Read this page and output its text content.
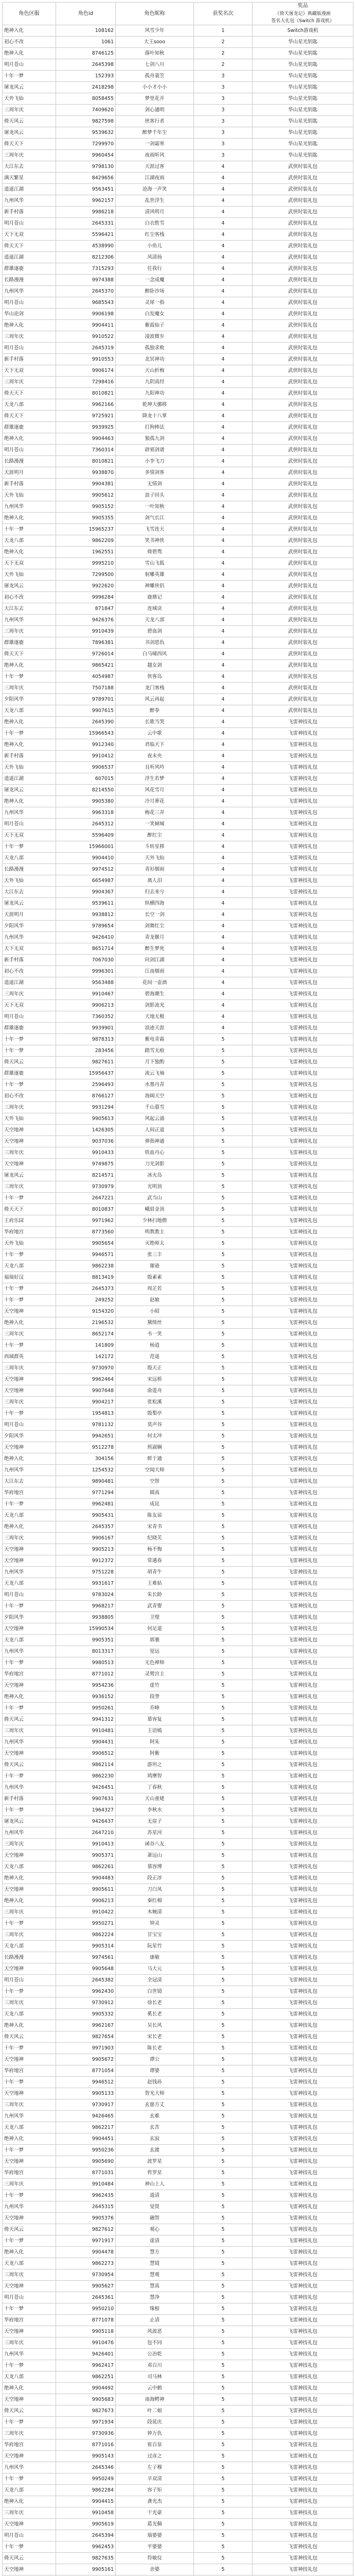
角色区服	角色id	角色昵称	获奖名次	奖品
《倚天屠龙记》典藏版漫画
签名大礼包（Switch 游戏机）

绝神入化	108162	风雪少年	1	Switch游戏机
初心不改	1061	大王sooo	2	华山星光钥匙
绝神入化	8746125	落叶知秋	2	华山星光钥匙
明月苍山	2645398	七剑八川	2	华山星光钥匙
十年一梦	152393	孤舟蓑笠	3	华山星光钥匙
屠龙风云	2418298	小小才小小	3	华山星光钥匙
天外飞仙	8058455	梦里花开	3	华山星光钥匙
三周年庆	7409620	剑心通明	3	华山星光钥匙
倚天风云	9827598	侠客行者	3	华山星光钥匙
屠龙风云	9539632	醉梦千年尘	3	华山星光钥匙
倚天天下	7299970	一剑霜寒	3	华山星光钥匙
三周年庆	9960454	夜雨听风	3	华山星光钥匙
大江东去	9798130	天涯过客	4	武侠时装礼包
满天繁星	8429656	江湖夜雨	4	武侠时装礼包
逍遥江湖	9563451	沧海一声笑	4	武侠时装礼包
九州风华	9962157	乱世浮生	4	武侠时装礼包
新手村落	9986218	清风明月	4	武侠时装礼包
明月苍山	2645331	白衣胜雪	4	武侠时装礼包
天下无双	5596421	红尘客栈	4	武侠时装礼包
倚天天下	4538990	小鱼儿	4	武侠时装礼包
逍遥江湖	8212306	风清扬	4	武侠时装礼包
群雄逐鹿	7315293	任我行	4	武侠时装礼包
长路漫漫	9974388	一念成魔	4	武侠时装礼包
九州风华	2645370	醉卧沙场	4	武侠时装礼包
明月苍山	9685543	灵犀一指	4	武侠时装礼包
华山论剑	9906198	白发魔女	4	武侠时装礼包
绝神入化	9904411	紫霞仙子	4	武侠时装礼包
三周年庆	9910522	凌波微步	4	武侠时装礼包
明月苍山	2645319	孤独求败	4	武侠时装礼包
新手村落	9910553	北冥神功	4	武侠时装礼包
天下无双	9906174	天山折梅	4	武侠时装礼包
三周年庆	7298416	九阴真经	4	武侠时装礼包
倚天天下	8010821	九阳神功	4	武侠时装礼包
天龙八部	9962166	乾坤大挪移	4	武侠时装礼包
倚天天下	9725921	降龙十八掌	4	武侠时装礼包
群雄逐鹿	9939925	打狗棒法	4	武侠时装礼包
绝神入化	9904463	独孤九剑	4	武侠时装礼包
明月苍山	7360314	辟邪剑谱	4	武侠时装礼包
长路漫漫	8010821	小李飞刀	4	武侠时装礼包
天涯明月	9938870	多情剑客	4	武侠时装礼包
新手村落	9904381	无情剑	4	武侠时装礼包
天外飞仙	9905612	浪子回头	4	武侠时装礼包
九州风华	9905152	一叶知秋	4	武侠时装礼包
绝神入化	9905355	剑气长江	4	武侠时装礼包
十年一梦	15965237	飞雪连天	4	武侠时装礼包
天龙八部	9862209	笑书神侠	4	武侠时装礼包
绝神入化	1962551	倚碧鸳	4	武侠时装礼包
天下无双	9995210	雪山飞狐	4	武侠时装礼包
天外飞仙	7299500	射雕英雄	4	武侠时装礼包
屠龙风云	9922620	神雕侠侣	4	武侠时装礼包
初心不改	9996284	鹿鼎记	4	武侠时装礼包
大江东去	871847	连城诀	4	武侠时装礼包
九州风华	9426376	天龙八部	4	武侠时装礼包
三周年庆	9910439	碧血剑	4	武侠时装礼包
群雄逐鹿	7896381	书剑恩仇	4	武侠时装礼包
倚天天下	9726014	白马啸西风	4	武侠时装礼包
绝神入化	9865421	越女剑	4	武侠时装礼包
十年一梦	4054987	侠客岛	4	武侠时装礼包
三周年庆	7507188	龙门客栈	4	武侠时装礼包
夕阳风华	9789701	风云再起	4	武侠时装礼包
天龙八部	9907615	醉拳	4	武侠时装礼包
绝神入化	2645390	长歌当哭	4	飞雷神技礼包
十年一梦	15966543	云中歌	4	飞雷神技礼包
绝神入化	9912340	君临天下	4	飞雷神技礼包
新手村落	9910412	夜未央	4	飞雷神技礼包
天外飞仙	9906537	且听风吟	4	飞雷神技礼包
逍遥江湖	607015	浮生若梦	4	飞雷神技礼包
屠龙风云	8214550	风花雪月	4	飞雷神技礼包
绝神入化	9905380	冷月葬花	4	飞雷神技礼包
九州风华	9963318	梅花三弄	4	飞雷神技礼包
明月苍山	2645312	一笑倾城	4	飞雷神技礼包
天下无双	5596409	醉红尘	4	飞雷神技礼包
十年一梦	15966001	斗转星移	4	飞雷神技礼包
天龙八部	9904410	天外飞仙	4	飞雷神技礼包
长路漫漫	9974512	青衫烟雨	4	飞雷神技礼包
天外飞仙	6654987	离人泪	4	飞雷神技礼包
大江东去	9904367	归去来兮	4	飞雷神技礼包
屠龙风云	9539611	纵横四海	4	飞雷神技礼包
天涯明月	9938812	长空一剑	4	飞雷神技礼包
夕阳风华	9789654	剑舞红尘	4	飞雷神技礼包
九州风华	9426410	青龙偃月	4	飞雷神技礼包
天下无双	8651714	醉生梦死	4	飞雷神技礼包
新手村落	7067030	问剑江湖	4	飞雷神技礼包
初心不改	9996301	江南烟雨	4	飞雷神技礼包
逍遥江湖	9563488	花间一壶酒	4	飞雷神技礼包
三周年庆	9910467	碧海潮生	4	飞雷神技礼包
天下无双	9906213	剑影流光	4	飞雷神技礼包
明月苍山	7360352	天地无极	4	飞雷神技礼包
群雄逐鹿	9939901	浪迹天涯	4	飞雷神技礼包
十年一梦	9878313	紫电青霜	5	飞雷神技礼包
十年一梦	283456	踏雪无痕	5	飞雷神技礼包
倚天风云	9827611	月下独酌	5	飞雷神技礼包
群雄逐鹿	15956437	流云飞袖	5	飞雷神技礼包
十年一梦	2596493	水墨丹青	5	飞雷神技礼包
初心不改	8766127	海阔天空	5	飞雷神技礼包
三周年庆	9931294	千山暮雪	5	飞雷神技礼包
天外飞仙	9905613	风起云涌	5	飞雷神技礼包
天空地神	1426305	人间正道	5	飞雷神技礼包
天空地神	9037036	弹指神通	5	飞雷神技礼包
三周年庆	9910433	铁血丹心	5	飞雷神技礼包
天空地神	9749875	刀光剑影	5	飞雷神技礼包
屠龙风云	8214571	冰火岛	5	飞雷神技礼包
三周年庆	9730979	光明顶	5	飞雷神技礼包
十年一梦	2647221	武当山	5	飞雷神技礼包
倚天天下	8010837	峨眉金顶	5	飞雷神技礼包
王府乐园	9971962	少林扫地僧	5	飞雷神技礼包
华府地宫	8773560	明教教主	5	飞雷神技礼包
天外飞仙	9905654	灭绝师太	5	飞雷神技礼包
十年一梦	9946571	张三丰	5	飞雷神技礼包
天龙八部	9862238	谢逊	5	飞雷神技礼包
福瑞好汉	8813419	殷素素	5	飞雷神技礼包
十年一梦	2645373	周芷若	5	飞雷神技礼包
十年一梦	249252	赵敏	5	飞雷神技礼包
天空地神	9154320	小昭	5	飞雷神技礼包
绝神入化	2196532	黛绮丝	5	飞雷神技礼包
三周年庆	8652174	韦一笑	5	飞雷神技礼包
十年一梦	141809	杨逍	5	飞雷神技礼包
西域群英	142172	范遥	5	飞雷神技礼包
三周年庆	9730970	殷天正	5	飞雷神技礼包
天空地神	9962464	宋远桥	5	飞雷神技礼包
天空地神	9907648	俞莲舟	5	飞雷神技礼包
三周年庆	9904217	张松溪	5	飞雷神技礼包
十年一梦	1954813	殷梨亭	5	飞雷神技礼包
明月苍山	9781132	莫声谷	5	飞雷神技礼包
夕阳风华	9942651	何太冲	5	飞雷神技礼包
天空地神	9512278	班淑娴	5	飞雷神技礼包
绝神入化	304156	鲜于通	5	飞雷神技礼包
九州风华	1254532	空闻大师	5	飞雷神技礼包
大江东去	9890481	空智	5	飞雷神技礼包
华府地宫	9771294	圆真	5	飞雷神技礼包
十年一梦	9962481	成昆	5	飞雷神技礼包
天龙八部	9905431	陈友谅	5	飞雷神技礼包
绝神入化	2645357	宋青书	5	飞雷神技礼包
三周年庆	9906167	纪晓芙	5	飞雷神技礼包
天空地神	9905213	杨不悔	5	飞雷神技礼包
天空地神	9912372	常遇春	5	飞雷神技礼包
九州风华	9751228	胡青牛	5	飞雷神技礼包
天龙八部	9931617	王难姑	5	飞雷神技礼包
明月苍山	9783024	朱长龄	5	飞雷神技礼包
十年一梦	9968217	武青婴	5	飞雷神技礼包
夕阳风华	9938805	卫璧	5	飞雷神技礼包
天空地神	15990534	何足道	5	飞雷神技礼包
天龙八部	9905351	郭襄	5	飞雷神技礼包
九州风华	8013317	觉远	5	飞雷神技礼包
十年一梦	9980513	无色禅师	5	飞雷神技礼包
华府地宫	8771012	灵鹫宫主	5	飞雷神技礼包
天空地神	9954236	虚竹	5	飞雷神技礼包
绝神入化	9936152	段誉	5	飞雷神技礼包
十年一梦	9950261	乔峰	5	飞雷神技礼包
倚天风云	9941312	慕容复	5	飞雷神技礼包
三周年庆	9910481	王语嫣	5	飞雷神技礼包
九州风华	9904431	阿朱	5	飞雷神技礼包
天空地神	9906512	阿紫	5	飞雷神技礼包
倚天风云	9862114	游坦之	5	飞雷神技礼包
十年一梦	9862230	鸠摩智	5	飞雷神技礼包
九州风华	9426451	丁春秋	5	飞雷神技礼包
新手村落	9907631	天山童姥	5	飞雷神技礼包
十年一梦	1964327	李秋水	5	飞雷神技礼包
屠龙风云	9426437	无崖子	5	飞雷神技礼包
九州风华	2647210	苏星河	5	飞雷神技礼包
三周年庆	9910413	函谷八友	5	飞雷神技礼包
天空地神	9905371	萧远山	5	飞雷神技礼包
天龙八部	9862261	慕容博	5	飞雷神技礼包
绝神入化	9904483	段正淳	5	飞雷神技礼包
天空地神	9905611	刀白凤	5	飞雷神技礼包
绝神入化	9906213	秦红棉	5	飞雷神技礼包
三周年庆	9910422	木婉清	5	飞雷神技礼包
十年一梦	9950271	钟灵	5	飞雷神技礼包
三周年庆	9862224	甘宝宝	5	飞雷神技礼包
天龙八部	9905314	阮星竹	5	飞雷神技礼包
长路漫漫	9974561	康敏	5	飞雷神技礼包
天空地神	9905648	马大元	5	飞雷神技礼包
明月苍山	2645382	全冠清	5	飞雷神技礼包
十年一梦	9962430	白世镜	5	飞雷神技礼包
三周年庆	9730912	徐长老	5	飞雷神技礼包
天龙八部	9905332	奚长老	5	飞雷神技礼包
绝神入化	9962167	吴长风	5	飞雷神技礼包
倚天风云	9827654	宋长老	5	飞雷神技礼包
十年一梦	9971903	陈长老	5	飞雷神技礼包
天空地神	9905672	谭公	5	飞雷神技礼包
华府地宫	8771054	谭婆	5	飞雷神技礼包
十年一梦	9946512	赵钱孙	5	飞雷神技礼包
天空地神	9905133	智光大师	5	飞雷神技礼包
三周年庆	9730917	玄慈方丈	5	飞雷神技礼包
九州风华	9426465	玄难	5	飞雷神技礼包
天龙八部	9862217	玄苦	5	飞雷神技礼包
绝神入化	9904451	玄寂	5	飞雷神技礼包
十年一梦	9950236	玄渡	5	飞雷神技礼包
天空地神	9905690	波罗星	5	飞雷神技礼包
华府地宫	8771031	哲罗星	5	飞雷神技礼包
三周年庆	9910484	神山上人	5	飞雷神技礼包
十年一梦	9962435	道清	5	飞雷神技礼包
九州风华	2645315	觉贤	5	飞雷神技礼包
天空地神	9905376	融智	5	飞雷神技礼包
倚天风云	9827612	观心	5	飞雷神技礼包
十年一梦	9971917	虚清	5	飞雷神技礼包
绝神入化	9904478	慧方	5	飞雷神技礼包
天龙八部	9862273	慧镜	5	飞雷神技礼包
三周年庆	9730954	慧观	5	飞雷神技礼包
天空地神	9905627	慧真	5	飞雷神技礼包
明月苍山	2645361	慧净	5	飞雷神技礼包
十年一梦	9950210	缘根	5	飞雷神技礼包
华府地宫	8771078	止清	5	飞雷神技礼包
天空地神	9905118	风波恶	5	飞雷神技礼包
三周年庆	9910476	包不同	5	飞雷神技礼包
九州风华	9426401	公冶乾	5	飞雷神技礼包
十年一梦	9962417	邓百川	5	飞雷神技礼包
天龙八部	9862251	司马林	5	飞雷神技礼包
绝神入化	9904492	云中鹤	5	飞雷神技礼包
天空地神	9905683	南海鳄神	5	飞雷神技礼包
倚天风云	9827673	叶二娘	5	飞雷神技礼包
十年一梦	9971934	段延庆	5	飞雷神技礼包
三周年庆	9730936	钟万仇	5	飞雷神技礼包
华府地宫	8771016	崔百泉	5	飞雷神技礼包
天空地神	9905143	过彦之	5	飞雷神技礼包
九州风华	2645346	左子穆	5	飞雷神技礼包
十年一梦	9950249	辛双清	5	飞雷神技礼包
天龙八部	9862284	容子矩	5	飞雷神技礼包
绝神入化	9904415	龚光杰	5	飞雷神技礼包
三周年庆	9910458	干光豪	5	飞雷神技礼包
天空地神	9905619	葛光佩	5	飞雷神技礼包
明月苍山	2645394	瑞婆婆	5	飞雷神技礼包
十年一梦	9962453	平婆婆	5	飞雷神技礼包
倚天风云	9827635	符敏仪	5	飞雷神技礼包
天空地神	9905161	余婆	5	飞雷神技礼包
